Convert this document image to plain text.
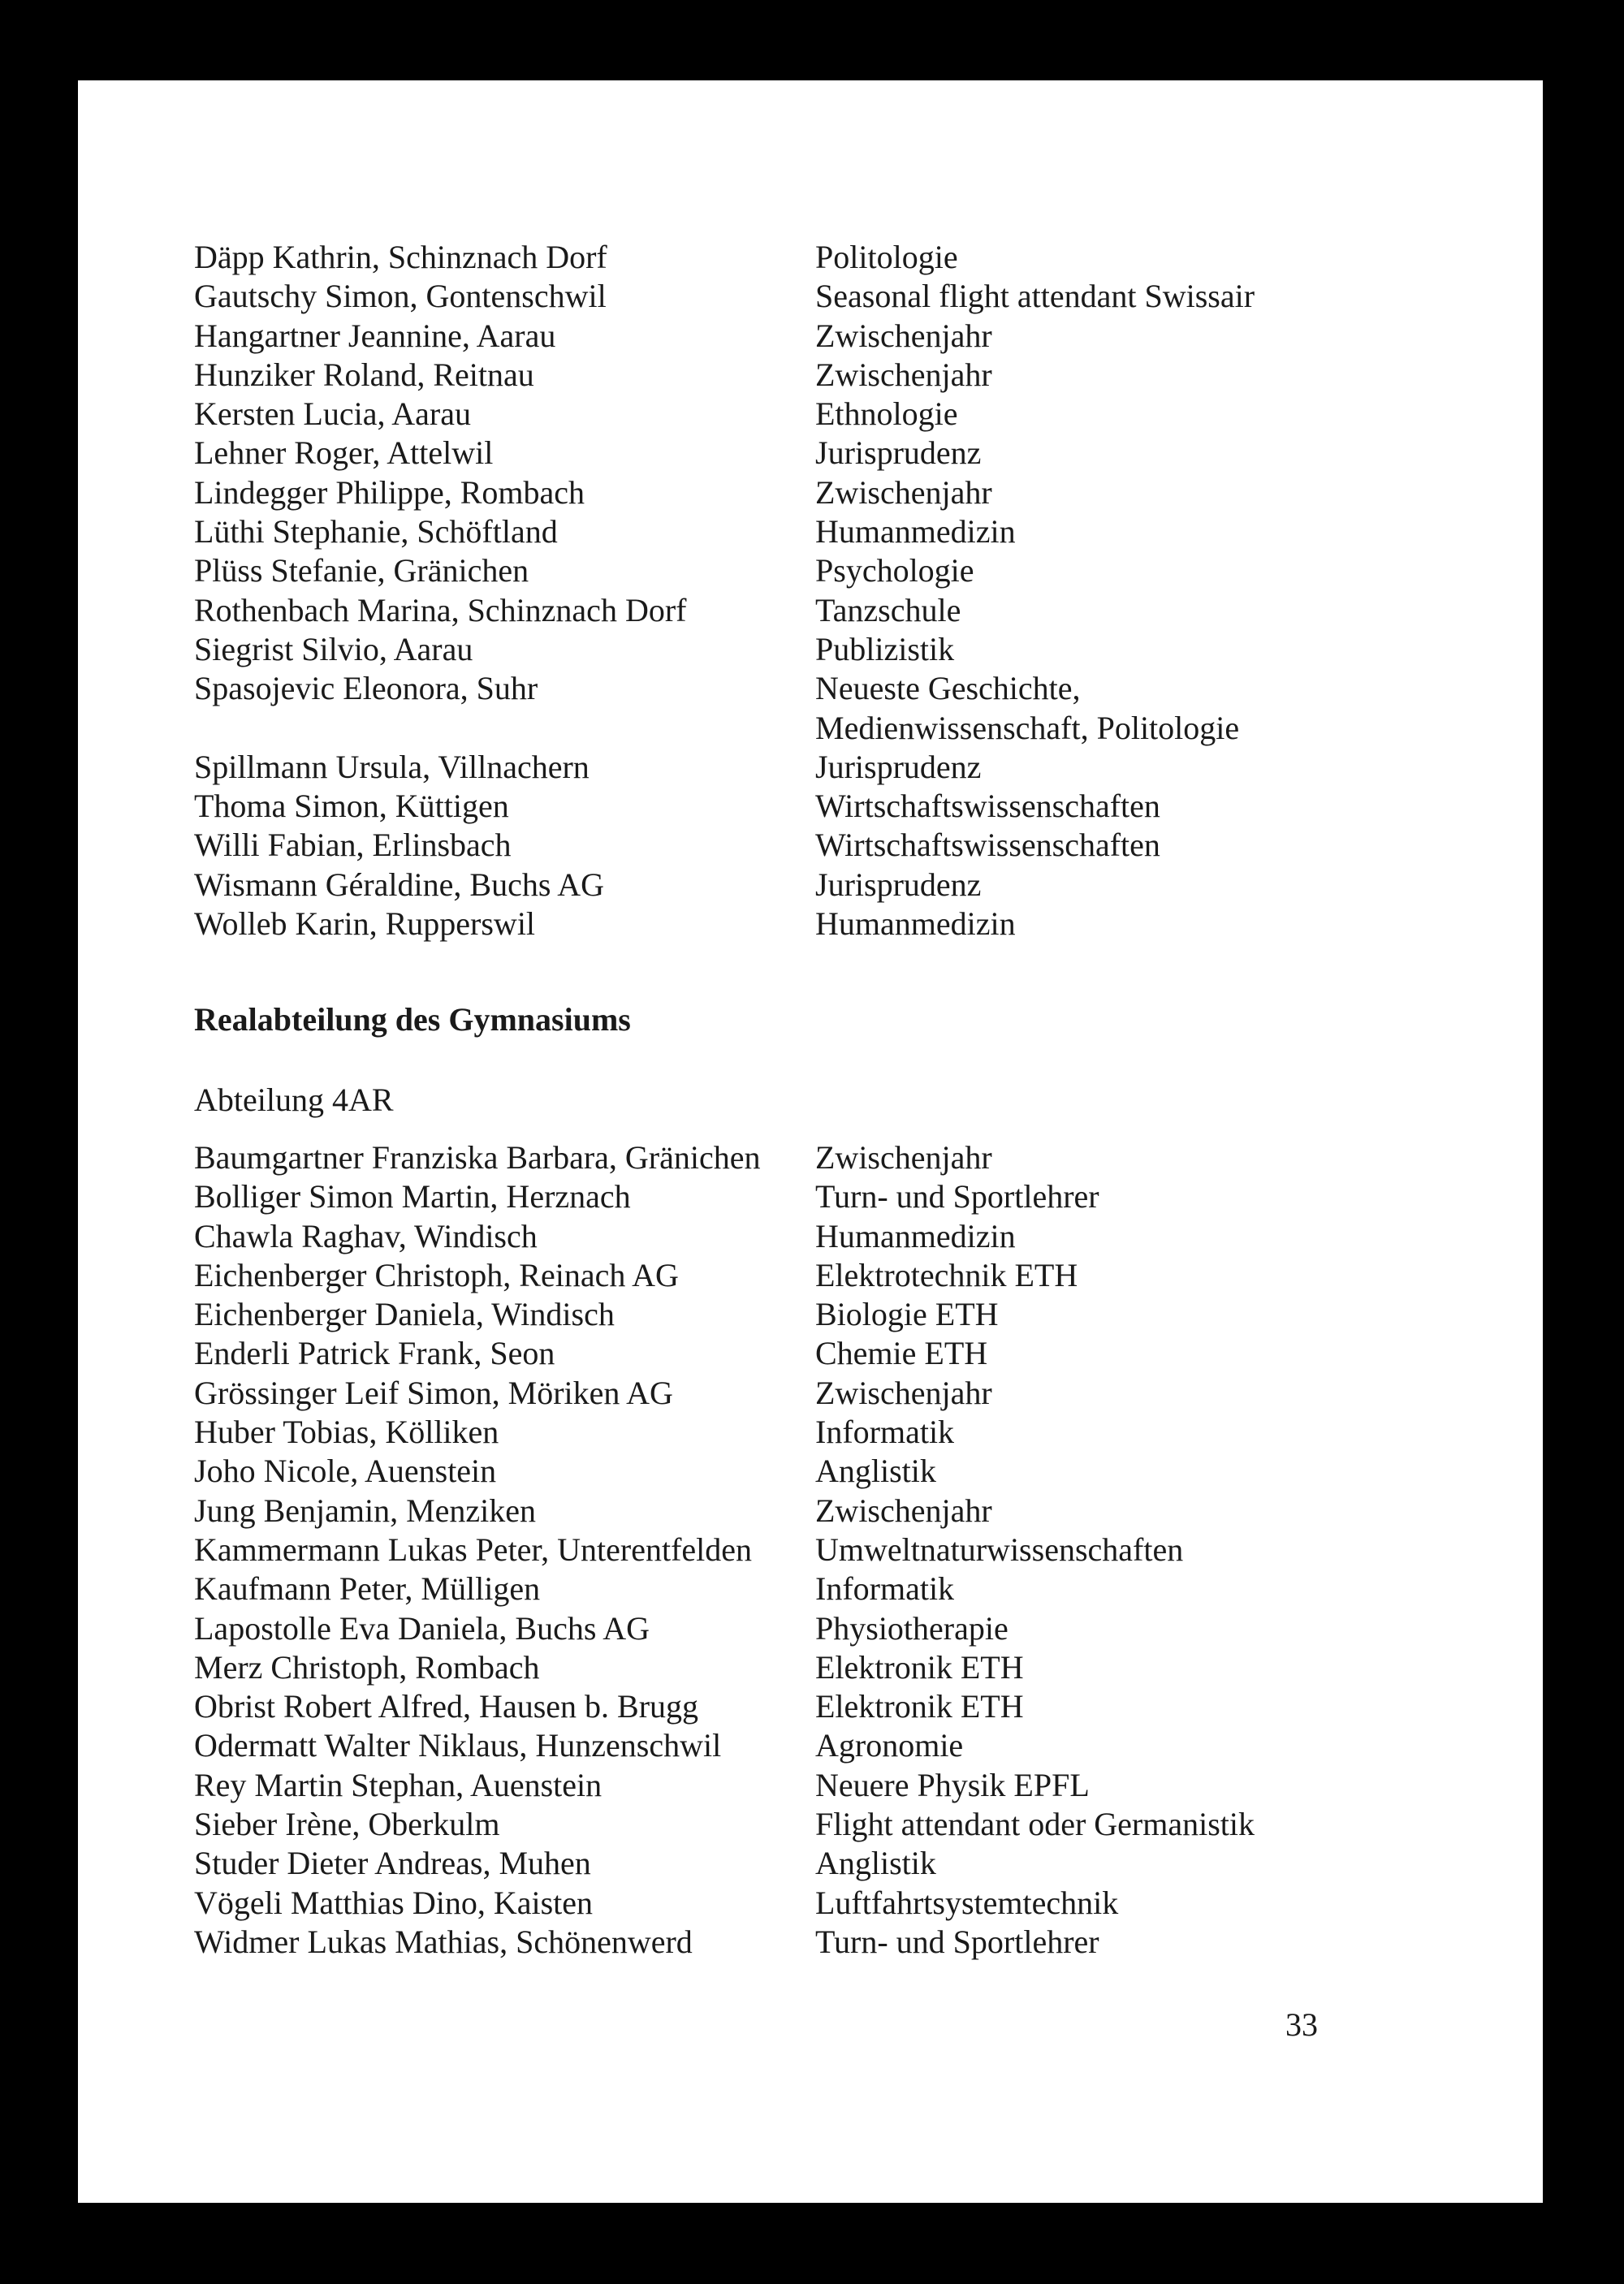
Däpp Kathrin, Schinznach Dorf	Politologie
Gautschy Simon, Gontenschwil	Seasonal flight attendant Swissair
Hangartner Jeannine, Aarau	Zwischenjahr
Hunziker Roland, Reitnau	Zwischenjahr
Kersten Lucia, Aarau	Ethnologie
Lehner Roger, Attelwil	Jurisprudenz
Lindegger Philippe, Rombach	Zwischenjahr
Lüthi Stephanie, Schöftland	Humanmedizin
Plüss Stefanie, Gränichen	Psychologie
Rothenbach Marina, Schinznach Dorf	Tanzschule
Siegrist Silvio, Aarau	Publizistik
Spasojevic Eleonora, Suhr	Neueste Geschichte,
Medienwissenschaft, Politologie
Spillmann Ursula, Villnachern	Jurisprudenz
Thoma Simon, Küttigen	Wirtschaftswissenschaften
Willi Fabian, Erlinsbach	Wirtschaftswissenschaften
Wismann Géraldine, Buchs AG	Jurisprudenz
Wolleb Karin, Rupperswil	Humanmedizin
Realabteilung des Gymnasiums
Abteilung 4AR
Baumgartner Franziska Barbara, Gränichen	Zwischenjahr
Bolliger Simon Martin, Herznach	Turn- und Sportlehrer
Chawla Raghav, Windisch	Humanmedizin
Eichenberger Christoph, Reinach AG	Elektrotechnik ETH
Eichenberger Daniela, Windisch	Biologie ETH
Enderli Patrick Frank, Seon	Chemie ETH
Grössinger Leif Simon, Möriken AG	Zwischenjahr
Huber Tobias, Kölliken	Informatik
Joho Nicole, Auenstein	Anglistik
Jung Benjamin, Menziken	Zwischenjahr
Kammermann Lukas Peter, Unterentfelden	Umweltnaturwissenschaften
Kaufmann Peter, Mülligen	Informatik
Lapostolle Eva Daniela, Buchs AG	Physiotherapie
Merz Christoph, Rombach	Elektronik ETH
Obrist Robert Alfred, Hausen b. Brugg	Elektronik ETH
Odermatt Walter Niklaus, Hunzenschwil	Agronomie
Rey Martin Stephan, Auenstein	Neuere Physik EPFL
Sieber Irène, Oberkulm	Flight attendant oder Germanistik
Studer Dieter Andreas, Muhen	Anglistik
Vögeli Matthias Dino, Kaisten	Luftfahrtsystemtechnik
Widmer Lukas Mathias, Schönenwerd	Turn- und Sportlehrer
33
